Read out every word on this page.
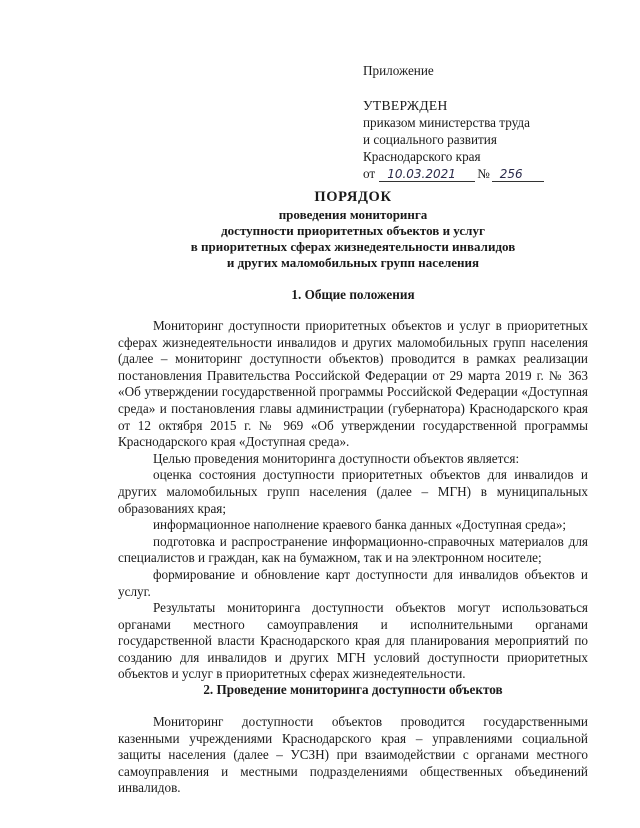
Приложение
УТВЕРЖДЕН
приказом министерства труда
и социального развития
Краснодарского края
от	10.03.2021	№ 256
ПОРЯДОК
проведения мониторинга
доступности приоритетных объектов и услуг
в приоритетных сферах жизнедеятельности инвалидов
и других маломобильных групп населения
1. Общие положения

Мониторинг доступности приоритетных объектов и услуг в приоритетных сферах жизнедеятельности инвалидов и других маломобильных групп населения (далее – мониторинг доступности объектов) проводится в рамках реализации постановления Правительства Российской Федерации от 29 марта 2019 г. № 363 «Об утверждении государственной программы Российской Федерации «Доступная среда» и постановления главы администрации (губернатора) Краснодарского края от 12 октября 2015 г. № 969 «Об утверждении государственной программы Краснодарского края «Доступная среда».

Целью проведения мониторинга доступности объектов является:

оценка состояния доступности приоритетных объектов для инвалидов и других маломобильных групп населения (далее – МГН) в муниципальных образованиях края;

информационное наполнение краевого банка данных «Доступная среда»;

подготовка и распространение информационно-справочных материалов для специалистов и граждан, как на бумажном, так и на электронном носителе;

формирование и обновление карт доступности для инвалидов объектов и услуг.

Результаты мониторинга доступности объектов могут использоваться органами местного самоуправления и исполнительными органами государственной власти Краснодарского края для планирования мероприятий по созданию для инвалидов и других МГН условий доступности приоритетных объектов и услуг в приоритетных сферах жизнедеятельности.

2. Проведение мониторинга доступности объектов

Мониторинг доступности объектов проводится государственными казенными учреждениями Краснодарского края – управлениями социальной защиты населения (далее – УСЗН) при взаимодействии с органами местного самоуправления и местными подразделениями общественных объединений инвалидов.
